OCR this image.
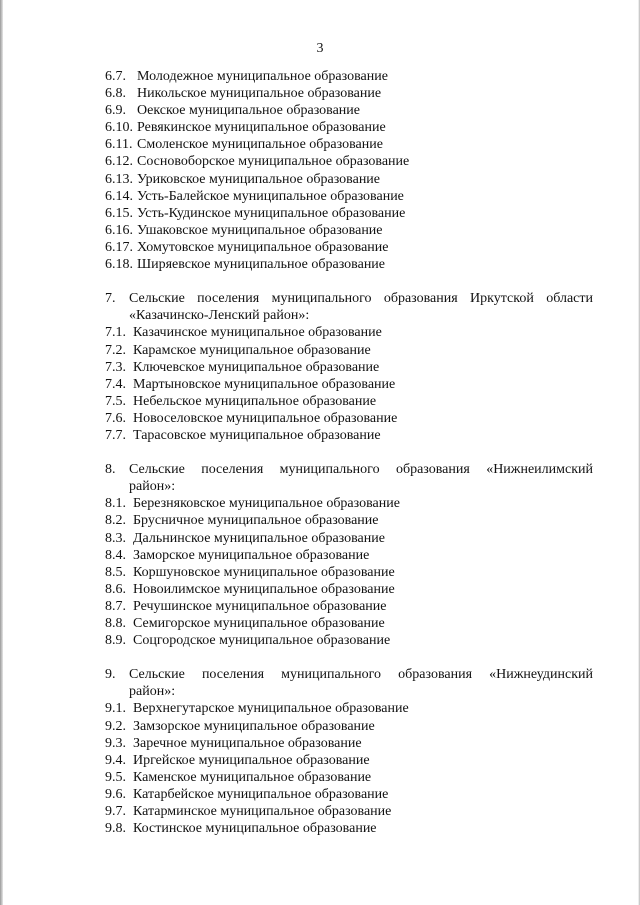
3
6.7. Молодежное муниципальное образование
6.8. Никольское муниципальное образование
6.9. Оекское муниципальное образование
6.10. Ревякинское муниципальное образование
6.11. Смоленское муниципальное образование
6.12. Сосновоборское муниципальное образование
6.13. Уриковское муниципальное образование
6.14. Усть-Балейское муниципальное образование
6.15. Усть-Кудинское муниципальное образование
6.16. Ушаковское муниципальное образование
6.17. Хомутовское муниципальное образование
6.18. Ширяевское муниципальное образование
7. Сельские поселения муниципального образования Иркутской области
«Казачинско-Ленский район»:
7.1. Казачинское муниципальное образование
7.2. Карамское муниципальное образование
7.3. Ключевское муниципальное образование
7.4. Мартыновское муниципальное образование
7.5. Небельское муниципальное образование
7.6. Новоселовское муниципальное образование
7.7. Тарасовское муниципальное образование
8. Сельские поселения муниципального образования «Нижнеилимский
район»:
8.1. Березняковское муниципальное образование
8.2. Брусничное муниципальное образование
8.3. Дальнинское муниципальное образование
8.4. Заморское муниципальное образование
8.5. Коршуновское муниципальное образование
8.6. Новоилимское муниципальное образование
8.7. Речушинское муниципальное образование
8.8. Семигорское муниципальное образование
8.9. Соцгородское муниципальное образование
9. Сельские поселения муниципального образования «Нижнеудинский
район»:
9.1. Верхнегутарское муниципальное образование
9.2. Замзорское муниципальное образование
9.3. Заречное муниципальное образование
9.4. Иргейское муниципальное образование
9.5. Каменское муниципальное образование
9.6. Катарбейское муниципальное образование
9.7. Катарминское муниципальное образование
9.8. Костинское муниципальное образование
